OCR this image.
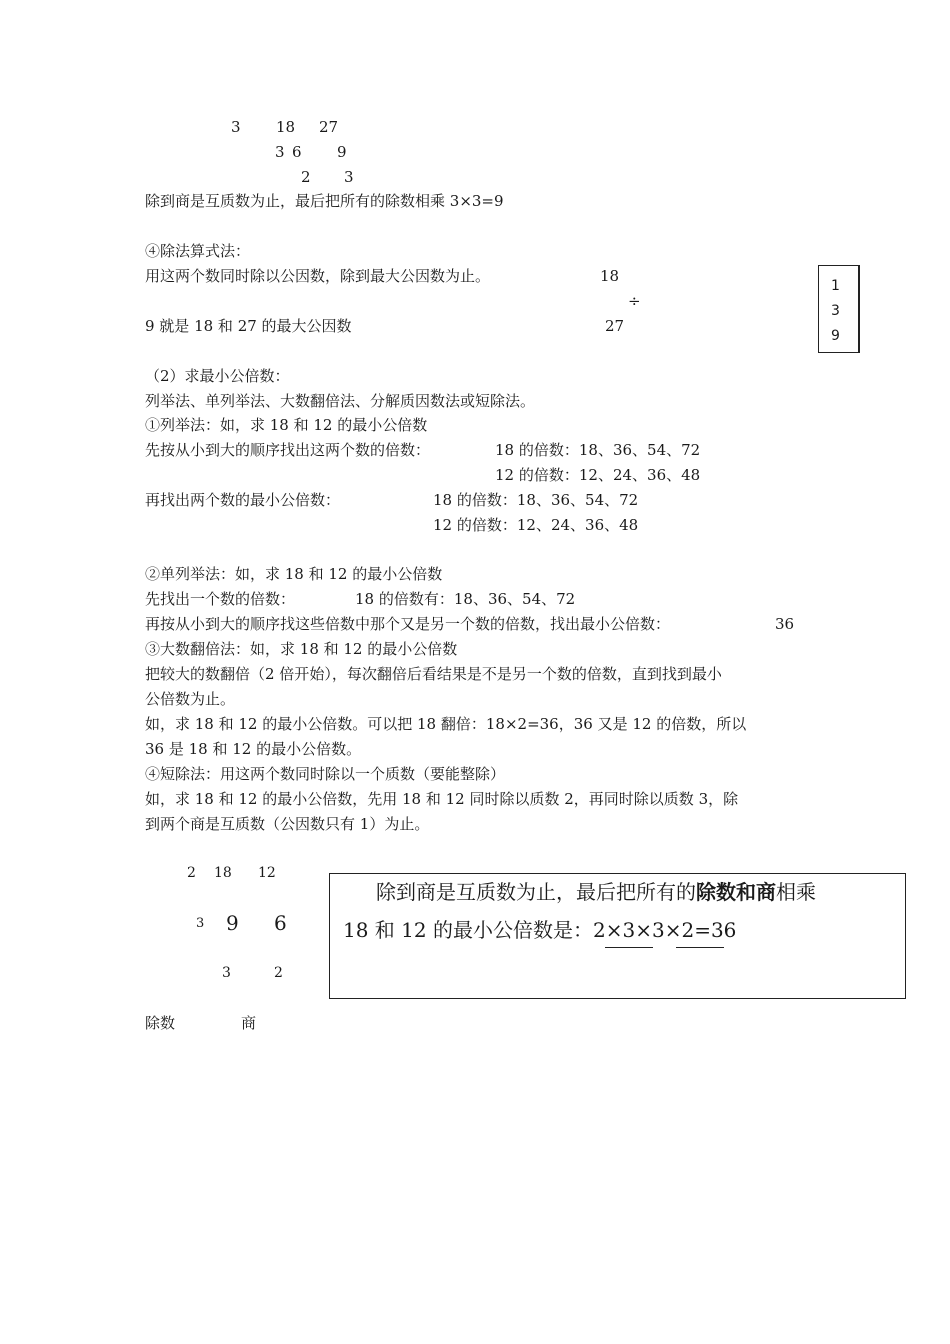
3 18 27
3 6 9
2 3
除到商是互质数为止，最后把所有的除数相乘 3×3=9
④除法算式法：
用这两个数同时除以公因数，除到最大公因数为止。	18
÷
9 就是 18 和 27 的最大公因数	27
1
3
9
（2）求最小公倍数：
列举法、单列举法、大数翻倍法、分解质因数法或短除法。
①列举法：如，求 18 和 12 的最小公倍数
先按从小到大的顺序找出这两个数的倍数：	18 的倍数：18、36、54、72
12 的倍数：12、24、36、48
再找出两个数的最小公倍数：	18 的倍数：18、36、54、72
12 的倍数：12、24、36、48
②单列举法：如，求 18 和 12 的最小公倍数
先找出一个数的倍数：	18 的倍数有：18、36、54、72
再按从小到大的顺序找这些倍数中那个又是另一个数的倍数，找出最小公倍数：	36
③大数翻倍法：如，求 18 和 12 的最小公倍数
把较大的数翻倍（2 倍开始），每次翻倍后看结果是不是另一个数的倍数，直到找到最小
公倍数为止。
如，求 18 和 12 的最小公倍数。可以把 18 翻倍：18×2=36，36 又是 12 的倍数，所以
36 是 18 和 12 的最小公倍数。
④短除法：用这两个数同时除以一个质数（要能整除）
如，求 18 和 12 的最小公倍数，先用 18 和 12 同时除以质数 2，再同时除以质数 3，除
到两个商是互质数（公因数只有 1）为止。
2 18 12
3 9 6
3	2
除数	商
除到商是互质数为止，最后把所有的除数和商相乘
18 和 12 的最小公倍数是：2×3×3×2=36
